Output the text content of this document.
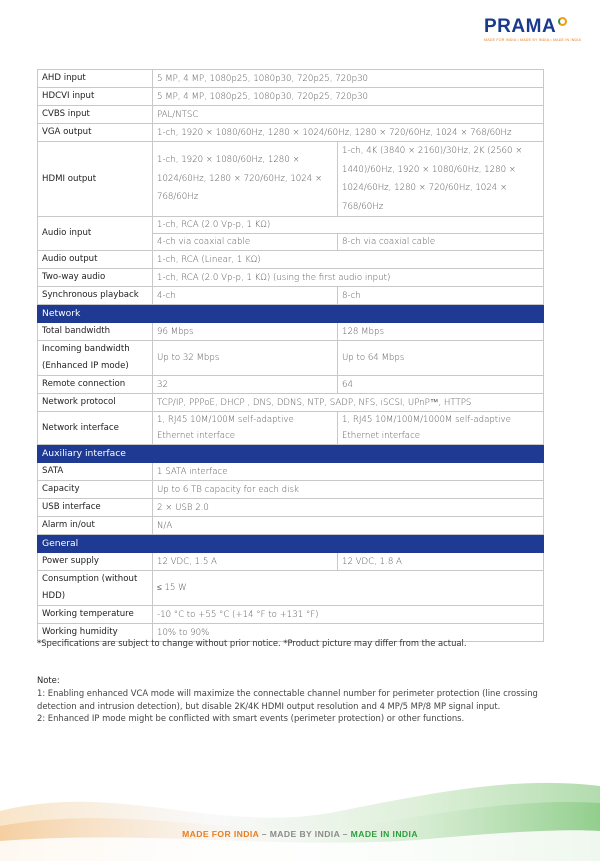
PRAMA
MADE FOR INDIA • MADE BY INDIA • MADE IN INDIA
AHD input	5 MP, 4 MP, 1080p25, 1080p30, 720p25, 720p30	
HDCVI input	5 MP, 4 MP, 1080p25, 1080p30, 720p25, 720p30	
CVBS input	PAL/NTSC	
VGA output	1-ch, 1920 × 1080/60Hz, 1280 × 1024/60Hz, 1280 × 720/60Hz, 1024 × 768/60Hz	
HDMI output	1-ch, 1920 × 1080/60Hz, 1280 × 1024/60Hz, 1280 × 720/60Hz, 1024 × 768/60Hz	1-ch, 4K (3840 × 2160)/30Hz, 2K (2560 × 1440)/60Hz, 1920 × 1080/60Hz, 1280 × 1024/60Hz, 1280 × 720/60Hz, 1024 × 768/60Hz
Audio input	1-ch, RCA (2.0 Vp-p, 1 KΩ)	
	4-ch via coaxial cable	8-ch via coaxial cable
Audio output	1-ch, RCA (Linear, 1 KΩ)	
Two-way audio	1-ch, RCA (2.0 Vp-p, 1 KΩ) (using the first audio input)	
Synchronous playback	4-ch	8-ch
Network		
Total bandwidth	96 Mbps	128 Mbps
Incoming bandwidth (Enhanced IP mode)	Up to 32 Mbps	Up to 64 Mbps
Remote connection	32	64
Network protocol	TCP/IP, PPPoE, DHCP , DNS, DDNS, NTP, SADP, NFS, iSCSI, UPnP™, HTTPS	
Network interface	1, RJ45 10M/100M self-adaptive Ethernet interface	1, RJ45 10M/100M/1000M self-adaptive Ethernet interface
Auxiliary interface		
SATA	1 SATA interface	
Capacity	Up to 6 TB capacity for each disk	
USB interface	2 × USB 2.0	
Alarm in/out	N/A	
General		
Power supply	12 VDC, 1.5 A	12 VDC, 1.8 A
Consumption (without HDD)	≤ 15 W	
Working temperature	-10 °C to +55 °C (+14 °F to +131 °F)	
Working humidity	10% to 90%	
*Specifications are subject to change without prior notice. *Product picture may differ from the actual.
Note:
1: Enabling enhanced VCA mode will maximize the connectable channel number for perimeter protection (line crossing detection and intrusion detection), but disable 2K/4K HDMI output resolution and 4 MP/5 MP/8 MP signal input.
2: Enhanced IP mode might be conflicted with smart events (perimeter protection) or other functions.
MADE FOR INDIA – MADE BY INDIA – MADE IN INDIA
